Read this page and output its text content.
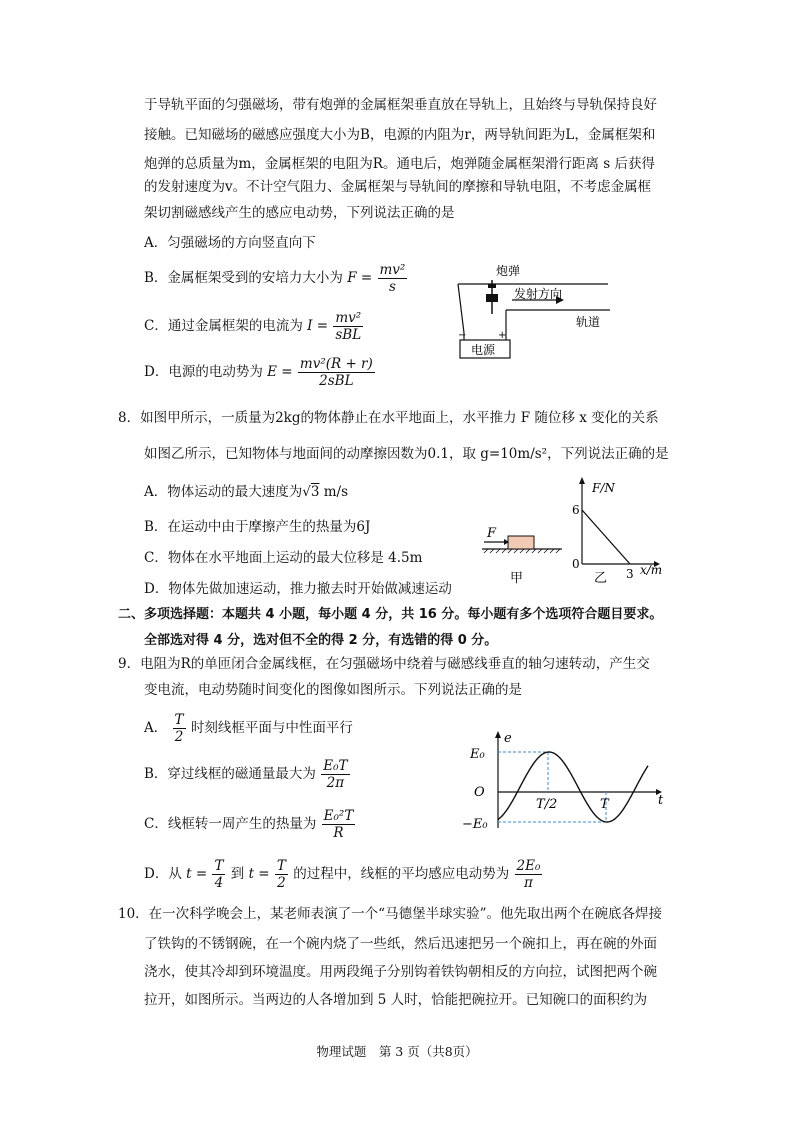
于导轨平面的匀强磁场，带有炮弹的金属框架垂直放在导轨上，且始终与导轨保持良好
接触。已知磁场的磁感应强度大小为B，电源的内阻为r，两导轨间距为L，金属框架和
炮弹的总质量为m，金属框架的电阻为R。通电后，炮弹随金属框架滑行距离 s 后获得
的发射速度为v。不计空气阻力、金属框架与导轨间的摩擦和导轨电阻，不考虑金属框
架切割磁感线产生的感应电动势，下列说法正确的是
A．匀强磁场的方向竖直向下
B．金属框架受到的安培力大小为 $F = \frac{\text{mv²}}{s}$
C．通过金属框架的电流为 $I = \frac{\text{mv²}}{\text{sBL}}$
D．电源的电动势为 $E = \frac{\text{mv²(R + r)}}{\text{2sBL}}$
炮弹
发射方向
轨道
电源
−	+
8．如图甲所示，一质量为2kg的物体静止在水平地面上，水平推力 F 随位移 x 变化的关系
如图乙所示，已知物体与地面间的动摩擦因数为0.1，取 g=10m/s²，下列说法正确的是
A．物体运动的最大速度为√3 m/s
B．在运动中由于摩擦产生的热量为6J
C．物体在水平地面上运动的最大位移是 4.5m
D．物体先做加速运动，推力撤去时开始做减速运动
F
甲
F/N
6
0
3 x/m
乙
二、多项选择题：本题共 4 小题，每小题 4 分，共 16 分。每小题有多个选项符合题目要求。
全部选对得 4 分，选对但不全的得 2 分，有选错的得 0 分。
9．电阻为R的单匝闭合金属线框，在匀强磁场中绕着与磁感线垂直的轴匀速转动，产生交
变电流，电动势随时间变化的图像如图所示。下列说法正确的是
A． $\frac{T}{2}$ 时刻线框平面与中性面平行
B．穿过线框的磁通量最大为 $\frac{\text{E₀T}}{2\pi}$
C．线框转一周产生的热量为 $\frac{\text{E₀²T}}{R}$
D．从 $t = \frac{T}{4}$ 到 $t = \frac{T}{2}$ 的过程中，线框的平均感应电动势为 $\frac{\text{2E₀}}{\pi}$
e
t
O
E₀
−E₀
T/2	T
10．在一次科学晚会上，某老师表演了一个“马德堡半球实验”。他先取出两个在碗底各焊接
了铁钩的不锈钢碗，在一个碗内烧了一些纸，然后迅速把另一个碗扣上，再在碗的外面
浇水，使其冷却到环境温度。用两段绳子分别钩着铁钩朝相反的方向拉，试图把两个碗
拉开，如图所示。当两边的人各增加到 5 人时，恰能把碗拉开。已知碗口的面积约为
物理试题　第 3 页（共8页）
